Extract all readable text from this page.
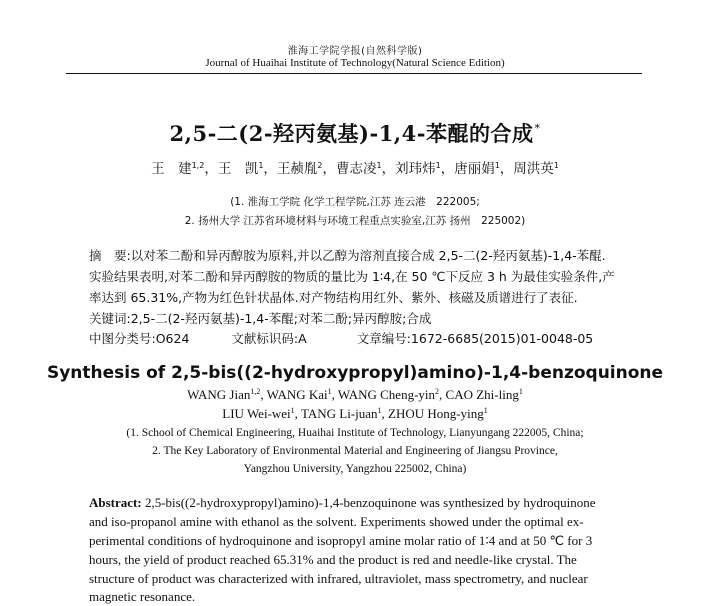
淮海工学院学报(自然科学版)
Journal of Huaihai Institute of Technology(Natural Science Edition)
2,5-二(2-羟丙氨基)-1,4-苯醌的合成*
王　建$^{1,2}$，王　凯$^1$，王赪胤$^2$，曹志凌$^1$，刘玮炜$^1$，唐丽娟$^1$，周洪英$^1$
(1. 淮海工学院 化学工程学院,江苏 连云港　222005;
2. 扬州大学 江苏省环境材料与环境工程重点实验室,江苏 扬州　225002)
摘　要:以对苯二酚和异丙醇胺为原料,并以乙醇为溶剂直接合成 2,5-二(2-羟丙氨基)-1,4-苯醌.
实验结果表明,对苯二酚和异丙醇胺的物质的量比为 1∶4,在 50 ℃下反应 3 h 为最佳实验条件,产
率达到 65.31%,产物为红色针状晶体.对产物结构用红外、紫外、核磁及质谱进行了表征.
关键词:2,5-二(2-羟丙氨基)-1,4-苯醌;对苯二酚;异丙醇胺;合成
中图分类号:O624	文献标识码:A	文章编号:1672-6685(2015)01-0048-05
Synthesis of 2,5-bis((2-hydroxypropyl)amino)-1,4-benzoquinone
WANG Jian$^{1,2}$, WANG Kai$^1$, WANG Cheng-yin$^2$, CAO Zhi-ling$^1$
LIU Wei-wei$^1$, TANG Li-juan$^1$, ZHOU Hong-ying$^1$
(1. School of Chemical Engineering, Huaihai Institute of Technology, Lianyungang 222005, China;
2. The Key Laboratory of Environmental Material and Engineering of Jiangsu Province,
Yangzhou University, Yangzhou 225002, China)
Abstract: 2,5-bis((2-hydroxypropyl)amino)-1,4-benzoquinone was synthesized by hydroquinone
and iso-propanol amine with ethanol as the solvent. Experiments showed under the optimal ex-
perimental conditions of hydroquinone and isopropyl amine molar ratio of 1∶4 and at 50 ℃ for 3
hours, the yield of product reached 65.31% and the product is red and needle-like crystal. The
structure of product was characterized with infrared, ultraviolet, mass spectrometry, and nuclear
magnetic resonance.
